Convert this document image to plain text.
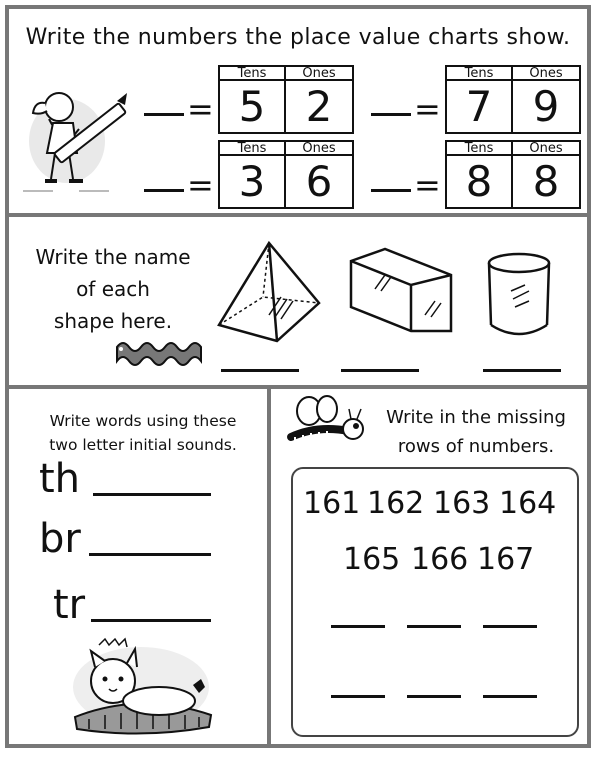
Write the numbers the place value charts show.
=
Tens	Ones
5 2	=
Tens	Ones
7 9
=
Tens	Ones
3 6	=
Tens	Ones
8 8
Write the name
of each
shape here.
Write words using these
two letter initial sounds.
th
br
tr
Write in the missing
rows of numbers.
161 162 163 164
165 166 167
